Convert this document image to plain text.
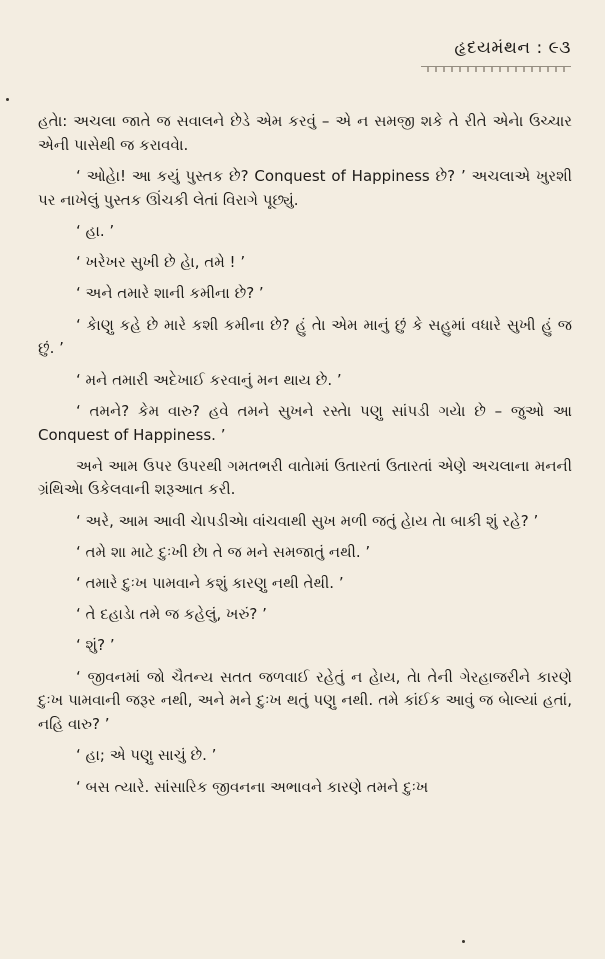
હૃદયમંથન : ૯૩

હતેા: અચલા જાતે જ સવાલને છેડે એમ કરવું – એ ન સમજી શકે તે રીતે એનેા ઉચ્ચાર એની પાસેથી જ કરાવવેા.

‘ ઓહેા! આ કયું પુસ્તક છે? Conquest of Happiness છે? ’ અચલાએ ખુરશી પર નાખેલું પુસ્તક ઊંચકી લેતાં વિરાગે પૂછ્યું.

‘ હા. ’

‘ ખરેખર સુખી છે હેા, તમે ! ’

‘ અને તમારે શાની કમીના છે? ’

‘ કેાણુ કહે છે મારે કશી કમીના છે? હું તેા એમ માનું છું કે સહુમાં વધારે સુખી હું જ છું. ’

‘ મને તમારી અદેખાઈ કરવાનું મન થાય છે. ’

‘ તમને? કેમ વારુ? હવે તમને સુખને રસ્તેા પણુ સાંપડી ગયેા છે – જુઓ આ Conquest of Happiness. ’

અને આમ ઉપર ઉપરથી ગમતભરી વાતેામાં ઉતારતાં ઉતારતાં એણે અચલાના મનની ગ્રંથિએા ઉકેલવાની શરૂઆત કરી.

‘ અરે, આમ આવી ચેાપડીએા વાંચવાથી સુખ મળી જતું હેાય તેા બાકી શું રહે? ’

‘ તમે શા માટે દુઃખી છેા તે જ મને સમજાતું નથી. ’

‘ તમારે દુઃખ પામવાને કશું કારણુ નથી તેથી. ’

‘ તે દહાડેા તમે જ કહેલું, ખરું? ’

‘ શું? ’

‘ જીવનમાં જો ચૈતન્ય સતત જળવાઈ રહેતું ન હેાય, તેા તેની ગેરહાજરીને કારણે દુઃખ પામવાની જરૂર નથી, અને મને દુઃખ થતું પણુ નથી. તમે કાંઈક આવું જ બેાલ્યાં હતાં, નહિ વારુ? ’

‘ હા; એ પણુ સાચું છે. ’

‘ બસ ત્યારે. સાંસારિક જીવનના અભાવને કારણે તમને દુઃખ
